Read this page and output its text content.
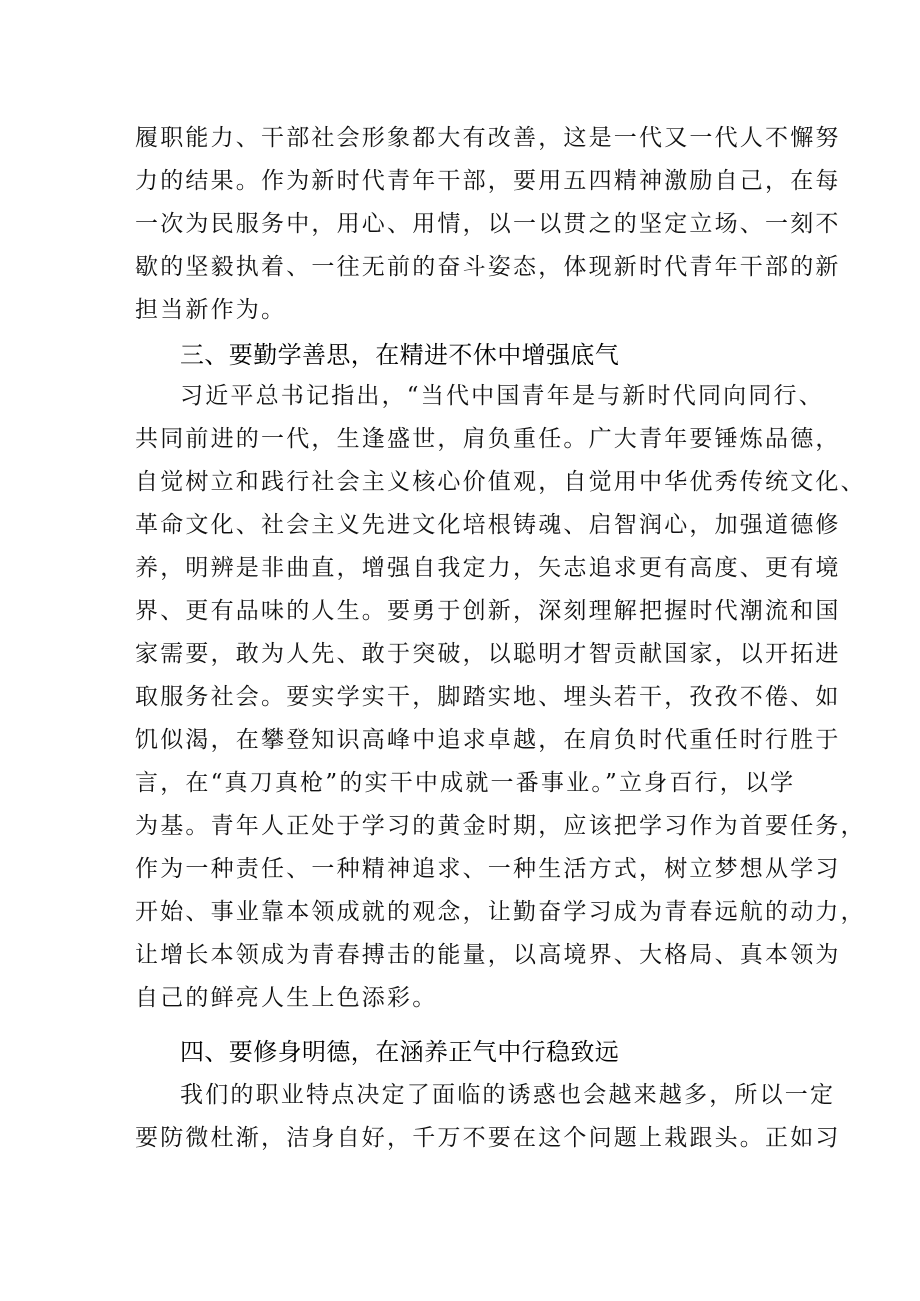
履职能力、干部社会形象都大有改善，这是一代又一代人不懈努
力的结果。作为新时代青年干部，要用五四精神激励自己，在每
一次为民服务中，用心、用情，以一以贯之的坚定立场、一刻不
歇的坚毅执着、一往无前的奋斗姿态，体现新时代青年干部的新
担当新作为。
三、要勤学善思，在精进不休中增强底气
习近平总书记指出，“当代中国青年是与新时代同向同行、
共同前进的一代，生逢盛世，肩负重任。广大青年要锤炼品德，
自觉树立和践行社会主义核心价值观，自觉用中华优秀传统文化、
革命文化、社会主义先进文化培根铸魂、启智润心，加强道德修
养，明辨是非曲直，增强自我定力，矢志追求更有高度、更有境
界、更有品味的人生。要勇于创新，深刻理解把握时代潮流和国
家需要，敢为人先、敢于突破，以聪明才智贡献国家，以开拓进
取服务社会。要实学实干，脚踏实地、埋头若干，孜孜不倦、如
饥似渴，在攀登知识高峰中追求卓越，在肩负时代重任时行胜于
言，在“真刀真枪”的实干中成就一番事业。”立身百行，以学
为基。青年人正处于学习的黄金时期，应该把学习作为首要任务，
作为一种责任、一种精神追求、一种生活方式，树立梦想从学习
开始、事业靠本领成就的观念，让勤奋学习成为青春远航的动力，
让增长本领成为青春搏击的能量，以高境界、大格局、真本领为
自己的鲜亮人生上色添彩。
四、要修身明德，在涵养正气中行稳致远
我们的职业特点决定了面临的诱惑也会越来越多，所以一定
要防微杜渐，洁身自好，千万不要在这个问题上栽跟头。正如习
